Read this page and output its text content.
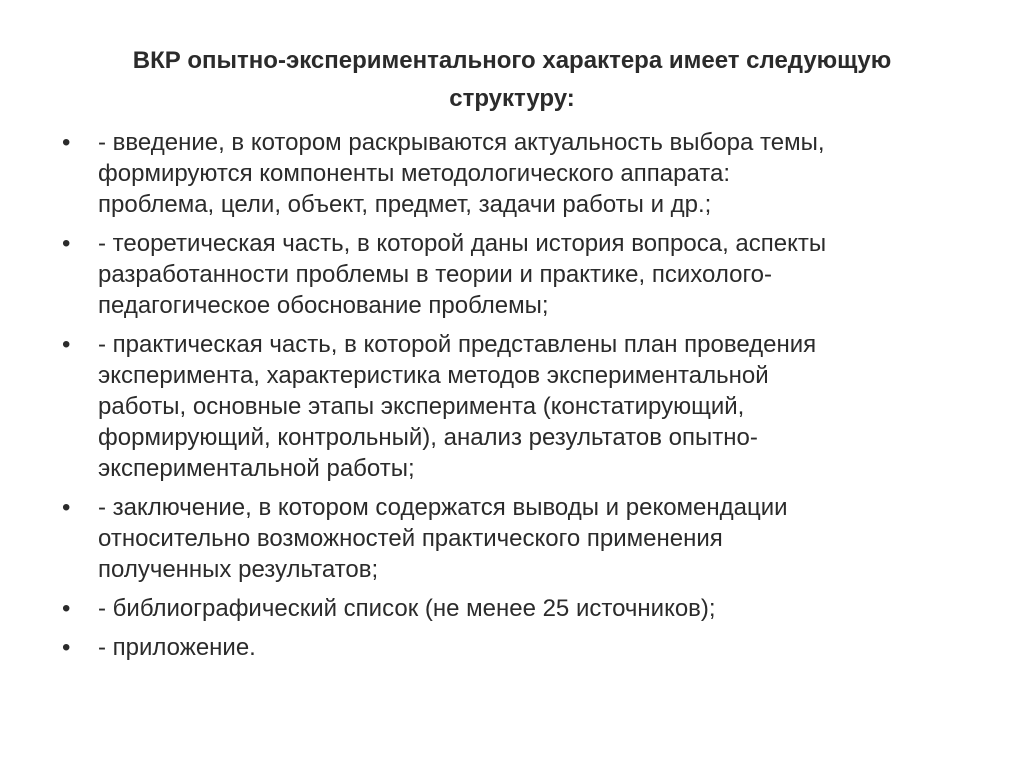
ВКР опытно-экспериментального характера имеет следующую
структуру:
•	- введение, в котором раскрываются актуальность выбора темы,
формируются компоненты методологического аппарата:
проблема, цели, объект, предмет, задачи работы и др.;
•	- теоретическая часть, в которой даны история вопроса, аспекты
разработанности проблемы в теории и практике, психолого-
педагогическое обоснование проблемы;
•	- практическая часть, в которой представлены план проведения
эксперимента, характеристика методов экспериментальной
работы, основные этапы эксперимента (констатирующий,
формирующий, контрольный), анализ результатов опытно-
экспериментальной работы;
•	- заключение, в котором содержатся выводы и рекомендации
относительно возможностей практического применения
полученных результатов;
•	- библиографический список (не менее 25 источников);
•	- приложение.
